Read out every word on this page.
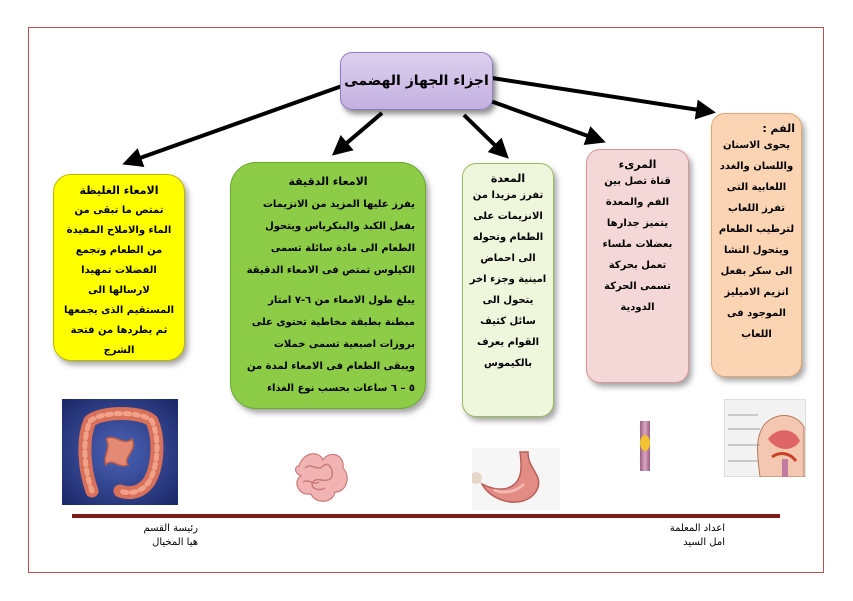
اجزاء الجهاز الهضمى
الفم :
يحوى الاسنان واللسان والغدد اللعابية التى تفرز اللعاب لترطيب الطعام ويتحول النشا الى سكر بفعل انزيم الاميليز الموجود فى اللعاب
المرىء
قناة تصل بين الفم والمعدة يتميز جدارها بعضلات ملساء تعمل بحركة تسمى الحركة الدودية
المعدة
تفرز مزيدا من الانزيمات على الطعام وتحوله الى احماض امينية وجزء اخر يتحول الى سائل كثيف القوام يعرف بالكيموس
الامعاء الدقيقة

يفرز عليها المزيد من الانزيمات بفعل الكبد والبنكرياس ويتحول الطعام الى مادة سائلة تسمى الكيلوس تمتص فى الامعاء الدقيقة

يبلغ طول الامعاء من ٦-٧ امتار مبطنة بطبقة مخاطية تحتوى على بروزات اصبعية تسمى خملات ويبقى الطعام فى الامعاء لمدة من ٥ – ٦ ساعات بحسب نوع الغذاء

الامعاء الغليظة
تمتص ما تبقى من الماء والاملاح المفيدة من الطعام وتجمع الفضلات تمهيدا لارسالها الى المستقيم الذى يجمعها ثم يطردها من فتحة الشرج
رئيسة القسم
هيا المخيال
اعداد المعلمة
امل السيد
